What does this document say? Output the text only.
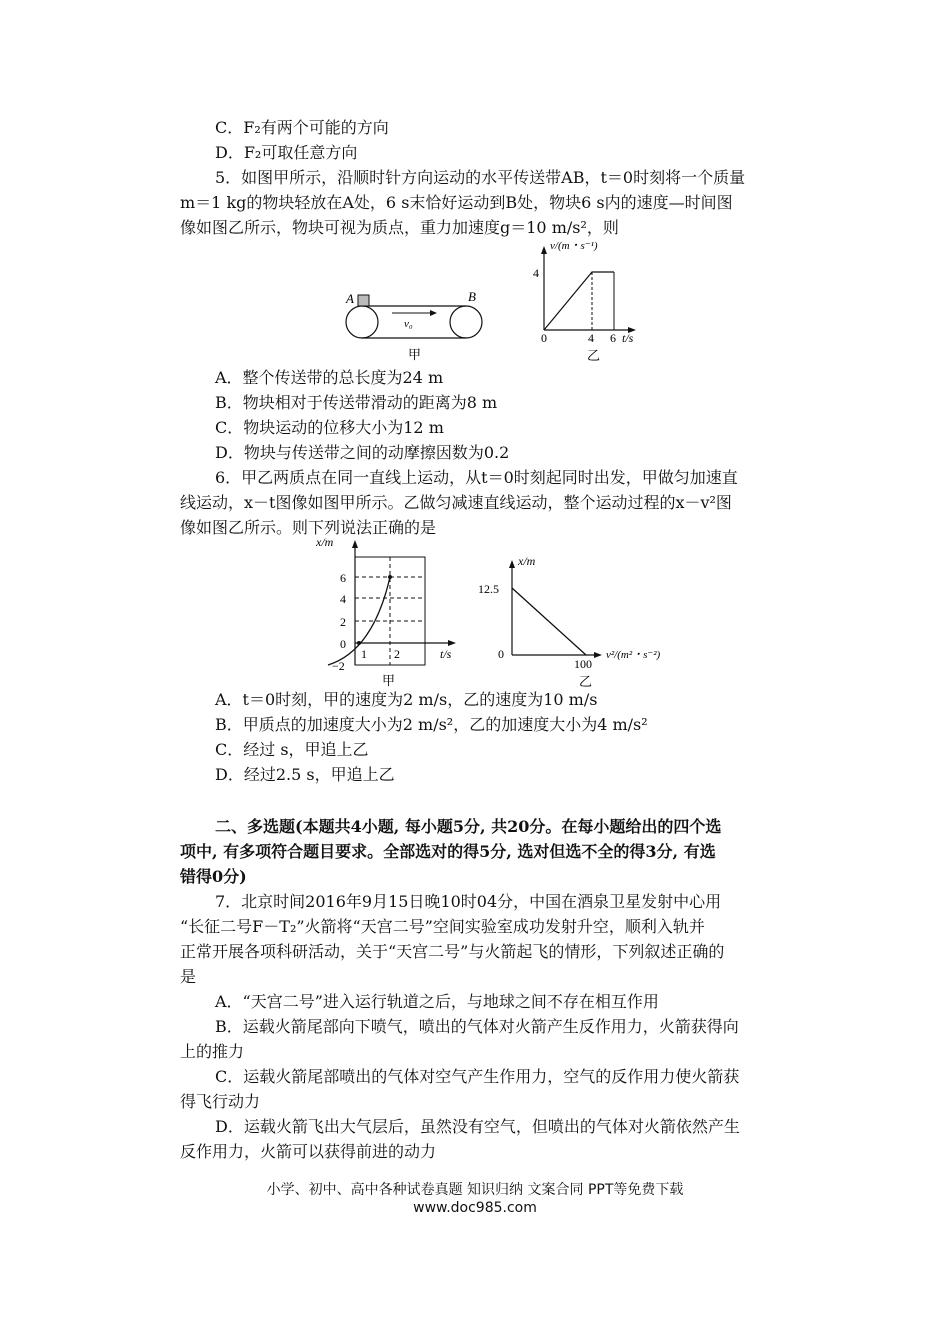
C．F₂有两个可能的方向
D．F₂可取任意方向
5．如图甲所示，沿顺时针方向运动的水平传送带AB，t＝0时刻将一个质量
m＝1 kg的物块轻放在A处，6 s末恰好运动到B处，物块6 s内的速度—时间图
像如图乙所示，物块可视为质点，重力加速度g＝10 m/s²，则
A	B
v₀
甲
v/(m・s⁻¹)
4
0	4 6 t/s
乙
A．整个传送带的总长度为24 m
B．物块相对于传送带滑动的距离为8 m
C．物块运动的位移大小为12 m
D．物块与传送带之间的动摩擦因数为0.2
6．甲乙两质点在同一直线上运动，从t＝0时刻起同时出发，甲做匀加速直
线运动，x－t图像如图甲所示。乙做匀减速直线运动，整个运动过程的x－v²图
像如图乙所示。则下列说法正确的是
x/m
6
4
2
0
−2
1 2	t/s
甲
x/m
12.5
0
100
v²/(m²・s⁻²)
乙
A．t＝0时刻，甲的速度为2 m/s，乙的速度为10 m/s
B．甲质点的加速度大小为2 m/s²，乙的加速度大小为4 m/s²
C．经过 s，甲追上乙
D．经过2.5 s，甲追上乙
二、多选题(本题共4小题, 每小题5分, 共20分。在每小题给出的四个选
项中, 有多项符合题目要求。全部选对的得5分, 选对但选不全的得3分, 有选
错得0分)
7．北京时间2016年9月15日晚10时04分，中国在酒泉卫星发射中心用
“长征二号F－T₂”火箭将“天宫二号”空间实验室成功发射升空，顺利入轨并
正常开展各项科研活动，关于“天宫二号”与火箭起飞的情形，下列叙述正确的
是
A．“天宫二号”进入运行轨道之后，与地球之间不存在相互作用
B．运载火箭尾部向下喷气，喷出的气体对火箭产生反作用力，火箭获得向
上的推力
C．运载火箭尾部喷出的气体对空气产生作用力，空气的反作用力使火箭获
得飞行动力
D．运载火箭飞出大气层后，虽然没有空气，但喷出的气体对火箭依然产生
反作用力，火箭可以获得前进的动力
小学、初中、高中各种试卷真题 知识归纳 文案合同 PPT等免费下载
www.doc985.com
